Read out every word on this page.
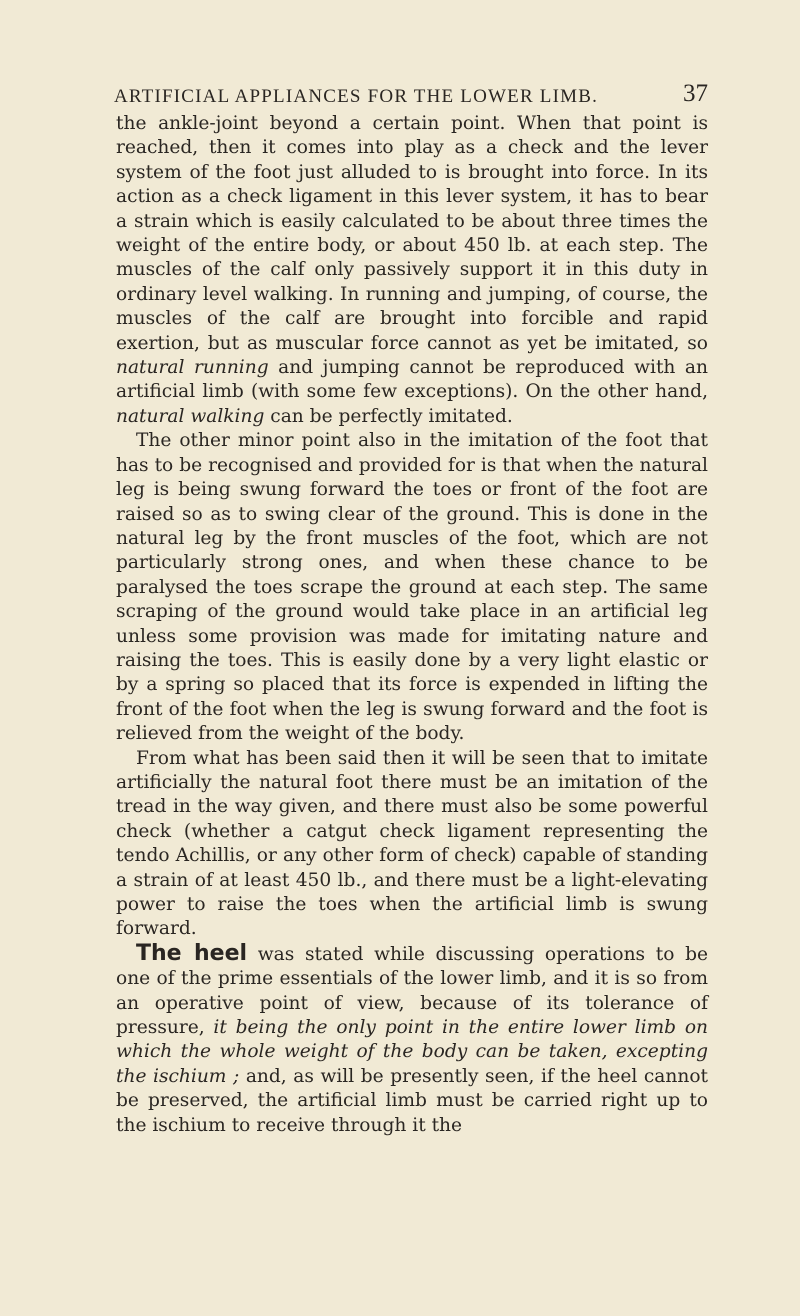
ARTIFICIAL APPLIANCES FOR THE LOWER LIMB.	37

the ankle-joint beyond a certain point. When that point is reached, then it comes into play as a check and the lever system of the foot just alluded to is brought into force. In its action as a check ligament in this lever system, it has to bear a strain which is easily calculated to be about three times the weight of the entire body, or about 450 lb. at each step. The muscles of the calf only passively support it in this duty in ordinary level walking. In running and jumping, of course, the muscles of the calf are brought into forcible and rapid exertion, but as muscular force cannot as yet be imitated, so natural running and jumping cannot be reproduced with an artificial limb (with some few exceptions). On the other hand, natural walking can be perfectly imitated.

The other minor point also in the imitation of the foot that has to be recognised and provided for is that when the natural leg is being swung forward the toes or front of the foot are raised so as to swing clear of the ground. This is done in the natural leg by the front muscles of the foot, which are not particularly strong ones, and when these chance to be paralysed the toes scrape the ground at each step. The same scraping of the ground would take place in an artificial leg unless some provision was made for imitating nature and raising the toes. This is easily done by a very light elastic or by a spring so placed that its force is expended in lifting the front of the foot when the leg is swung forward and the foot is relieved from the weight of the body.

From what has been said then it will be seen that to imitate artificially the natural foot there must be an imitation of the tread in the way given, and there must also be some powerful check (whether a catgut check ligament representing the tendo Achillis, or any other form of check) capable of standing a strain of at least 450 lb., and there must be a light-elevating power to raise the toes when the artificial limb is swung forward.

The heel was stated while discussing operations to be one of the prime essentials of the lower limb, and it is so from an operative point of view, because of its tolerance of pressure, it being the only point in the entire lower limb on which the whole weight of the body can be taken, excepting the ischium ; and, as will be presently seen, if the heel cannot be preserved, the artificial limb must be carried right up to the ischium to receive through it the
